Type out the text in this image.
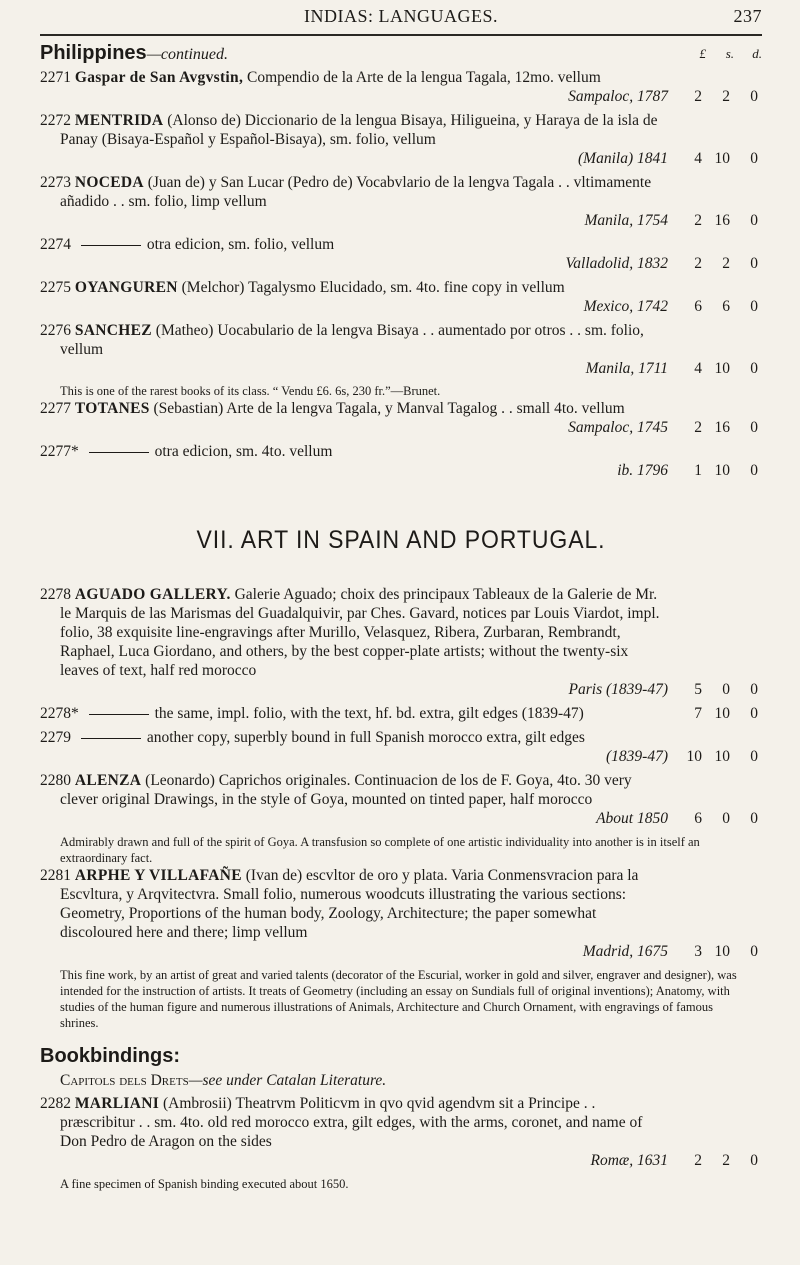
INDIAS: LANGUAGES.	237
Philippines—continued.	£ s. d.
2271 Gaspar de San Avgvstin, Compendio de la Arte de la lengua Tagala, 12mo. vellum
Sampaloc, 1787	2 2 0
2272 MENTRIDA (Alonso de) Diccionario de la lengua Bisaya, Hiligueina, y Haraya de la isla de Panay (Bisaya-Español y Español-Bisaya), sm. folio, vellum
(Manila) 1841	4 10 0
2273 NOCEDA (Juan de) y San Lucar (Pedro de) Vocabvlario de la lengva Tagala . . vltimamente añadido . . sm. folio, limp vellum
Manila, 1754	2 16 0
2274	otra edicion, sm. folio, vellum
Valladolid, 1832	2 2 0
2275 OYANGUREN (Melchor) Tagalysmo Elucidado, sm. 4to. fine copy in vellum
Mexico, 1742	6 6 0
2276 SANCHEZ (Matheo) Uocabulario de la lengva Bisaya . . aumentado por otros . . sm. folio, vellum
Manila, 1711	4 10 0
This is one of the rarest books of its class. “ Vendu £6. 6s, 230 fr.”—Brunet.
2277 TOTANES (Sebastian) Arte de la lengva Tagala, y Manval Tagalog . . small 4to. vellum
Sampaloc, 1745	2 16 0
2277*	otra edicion, sm. 4to. vellum
ib. 1796	1 10 0
VII. ART IN SPAIN AND PORTUGAL.
2278 AGUADO GALLERY. Galerie Aguado; choix des principaux Tableaux de la Galerie de Mr. le Marquis de las Marismas del Guadalquivir, par Ches. Gavard, notices par Louis Viardot, impl. folio, 38 exquisite line-engravings after Murillo, Velasquez, Ribera, Zurbaran, Rembrandt, Raphael, Luca Giordano, and others, by the best copper-plate artists; without the twenty-six leaves of text, half red morocco
Paris (1839-47)	5 0 0
2278*	the same, impl. folio, with the text, hf. bd. extra, gilt edges (1839-47)	7 10 0
2279	another copy, superbly bound in full Spanish morocco extra, gilt edges
(1839-47)	10 10 0
2280 ALENZA (Leonardo) Caprichos originales. Continuacion de los de F. Goya, 4to. 30 very clever original Drawings, in the style of Goya, mounted on tinted paper, half morocco
About 1850	6 0 0
Admirably drawn and full of the spirit of Goya. A transfusion so complete of one artistic individuality into another is in itself an extraordinary fact.
2281 ARPHE Y VILLAFAÑE (Ivan de) escvltor de oro y plata. Varia Conmensvracion para la Escvltura, y Arqvitectvra. Small folio, numerous woodcuts illustrating the various sections: Geometry, Proportions of the human body, Zoology, Architecture; the paper somewhat discoloured here and there; limp vellum
Madrid, 1675	3 10 0
This fine work, by an artist of great and varied talents (decorator of the Escurial, worker in gold and silver, engraver and designer), was intended for the instruction of artists. It treats of Geometry (including an essay on Sundials full of original inventions); Anatomy, with studies of the human figure and numerous illustrations of Animals, Architecture and Church Ornament, with engravings of famous shrines.
Bookbindings:
Capitols dels Drets—see under Catalan Literature.
2282 MARLIANI (Ambrosii) Theatrvm Politicvm in qvo qvid agendvm sit a Principe . . præscribitur . . sm. 4to. old red morocco extra, gilt edges, with the arms, coronet, and name of Don Pedro de Aragon on the sides
Romæ, 1631	2 2 0
A fine specimen of Spanish binding executed about 1650.
